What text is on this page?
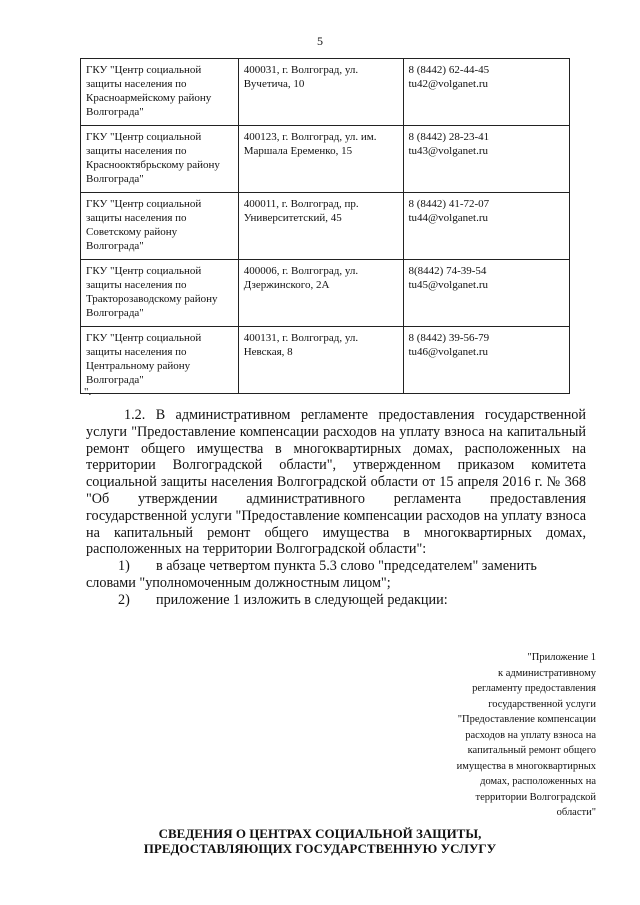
5
ГКУ "Центр социальной защиты населения по Красноармейскому району Волгограда"	400031, г. Волгоград, ул. Вучетича, 10	8 (8442) 62-44-45
tu42@volganet.ru

ГКУ "Центр социальной защиты населения по Краснооктябрьскому району Волгограда"	400123, г. Волгоград, ул. им. Маршала Еременко, 15	8 (8442) 28-23-41
tu43@volganet.ru

ГКУ "Центр социальной защиты населения по Советскому району Волгограда"	400011, г. Волгоград, пр. Университетский, 45	8 (8442) 41-72-07
tu44@volganet.ru

ГКУ "Центр социальной защиты населения по Тракторозаводскому району Волгограда"	400006, г. Волгоград, ул. Дзержинского, 2А	8(8442) 74-39-54
tu45@volganet.ru

ГКУ "Центр социальной защиты населения по Центральному району Волгограда"	400131, г. Волгоград, ул. Невская, 8	8 (8442) 39-56-79
tu46@volganet.ru
".

1.2. В административном регламенте предоставления государственной услуги "Предоставление компенсации расходов на уплату взноса на капитальный ремонт общего имущества в многоквартирных домах, расположенных на территории Волгоградской области", утвержденном приказом комитета социальной защиты населения Волгоградской области от 15 апреля 2016 г. № 368 "Об утверждении административного регламента предоставления государственной услуги "Предоставление компенсации расходов на уплату взноса на капитальный ремонт общего имущества в многоквартирных домах, расположенных на территории Волгоградской области":

1)	в абзаце четвертом пункта 5.3 слово "председателем" заменить

словами "уполномоченным должностным лицом";

2)	приложение 1 изложить в следующей редакции:
"Приложение 1
к административному
регламенту предоставления
государственной услуги
"Предоставление компенсации
расходов на уплату взноса на
капитальный ремонт общего
имущества в многоквартирных
домах, расположенных на
территории Волгоградской
области"
СВЕДЕНИЯ О ЦЕНТРАХ СОЦИАЛЬНОЙ ЗАЩИТЫ,
ПРЕДОСТАВЛЯЮЩИХ ГОСУДАРСТВЕННУЮ УСЛУГУ
